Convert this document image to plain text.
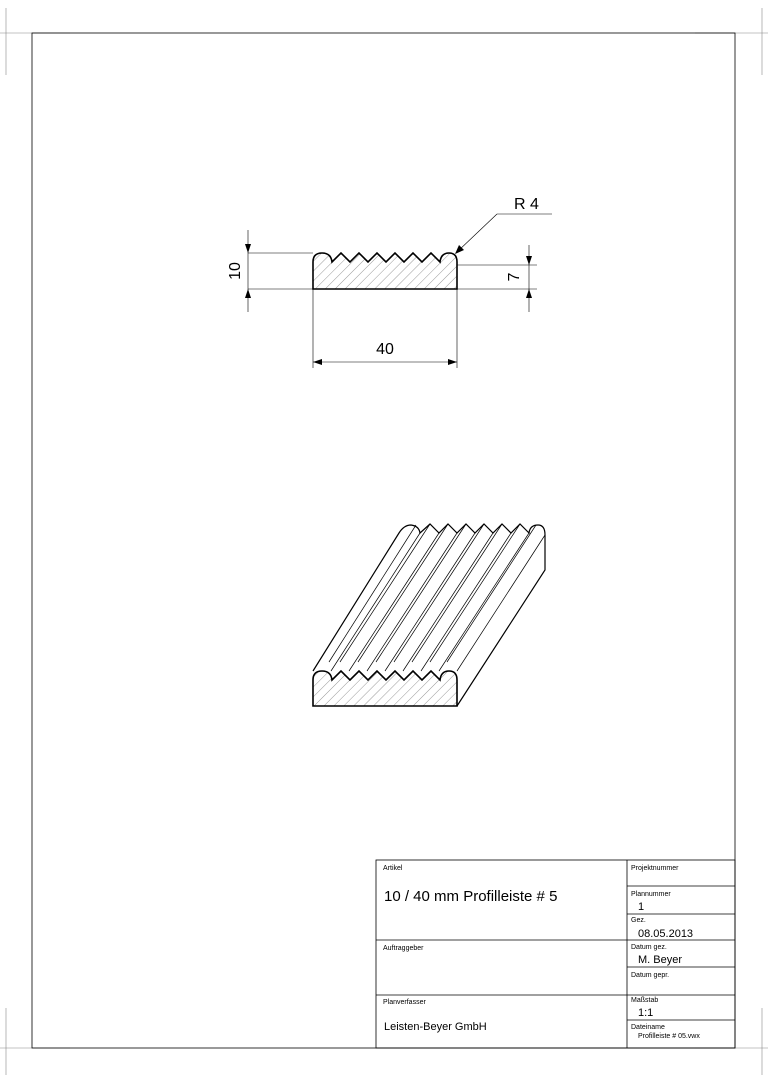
10	7
40
R 4
Artikel
10 / 40 mm Profilleiste # 5
Projektnummer
Plannummer
1
Gez.
08.05.2013
Auftraggeber	Datum gez.
M. Beyer
Datum gepr.
Planverfasser
Leisten-Beyer GmbH
Maßstab
1:1
Dateiname
Profilleiste # 05.vwx
